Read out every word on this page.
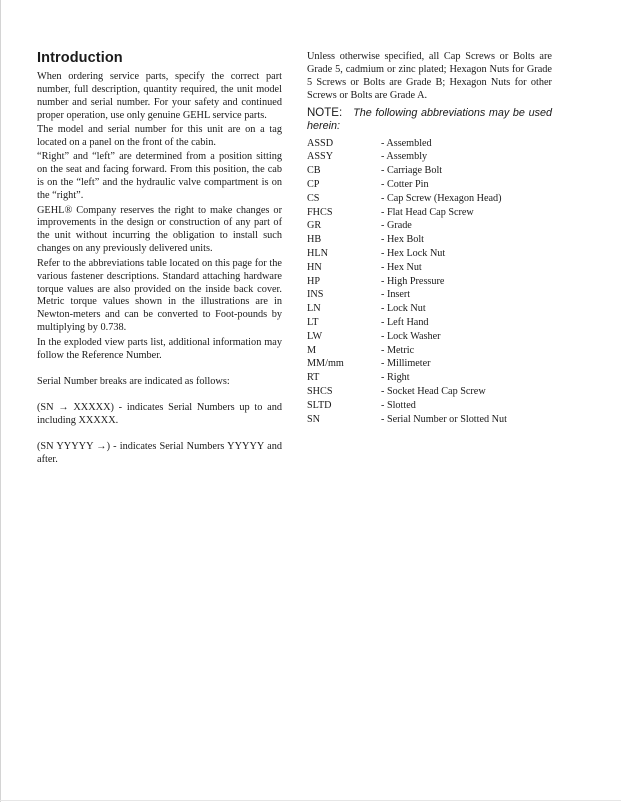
Introduction

When ordering service parts, specify the correct part number, full description, quantity required, the unit model number and serial number. For your safety and continued proper operation, use only genuine GEHL service parts.

The model and serial number for this unit are on a tag located on a panel on the front of the cabin.

“Right” and “left” are determined from a position sitting on the seat and facing forward. From this position, the cab is on the “left” and the hydraulic valve compartment is on the “right”.

GEHL® Company reserves the right to make changes or improvements in the design or construction of any part of the unit without incurring the obligation to install such changes on any previously delivered units.

Refer to the abbreviations table located on this page for the various fastener descriptions. Standard attaching hardware torque values are also provided on the inside back cover. Metric torque values shown in the illustrations are in Newton-meters and can be converted to Foot-pounds by multiplying by 0.738.

In the exploded view parts list, additional information may follow the Reference Number.

Serial Number breaks are indicated as follows:

(SN → XXXXX) - indicates Serial Numbers up to and including XXXXX.

(SN YYYYY →) - indicates Serial Numbers YYYYY and after.

Unless otherwise specified, all Cap Screws or Bolts are Grade 5, cadmium or zinc plated; Hexagon Nuts for Grade 5 Screws or Bolts are Grade B; Hexagon Nuts for other Screws or Bolts are Grade A.

NOTE: The following abbreviations may be used herein:

ASSD	- Assembled
ASSY	- Assembly
CB	- Carriage Bolt
CP	- Cotter Pin
CS	- Cap Screw (Hexagon Head)
FHCS	- Flat Head Cap Screw
GR	- Grade
HB	- Hex Bolt
HLN	- Hex Lock Nut
HN	- Hex Nut
HP	- High Pressure
INS	- Insert
LN	- Lock Nut
LT	- Left Hand
LW	- Lock Washer
M	- Metric
MM/mm	- Millimeter
RT	- Right
SHCS	- Socket Head Cap Screw
SLTD	- Slotted
SN	- Serial Number or Slotted Nut
